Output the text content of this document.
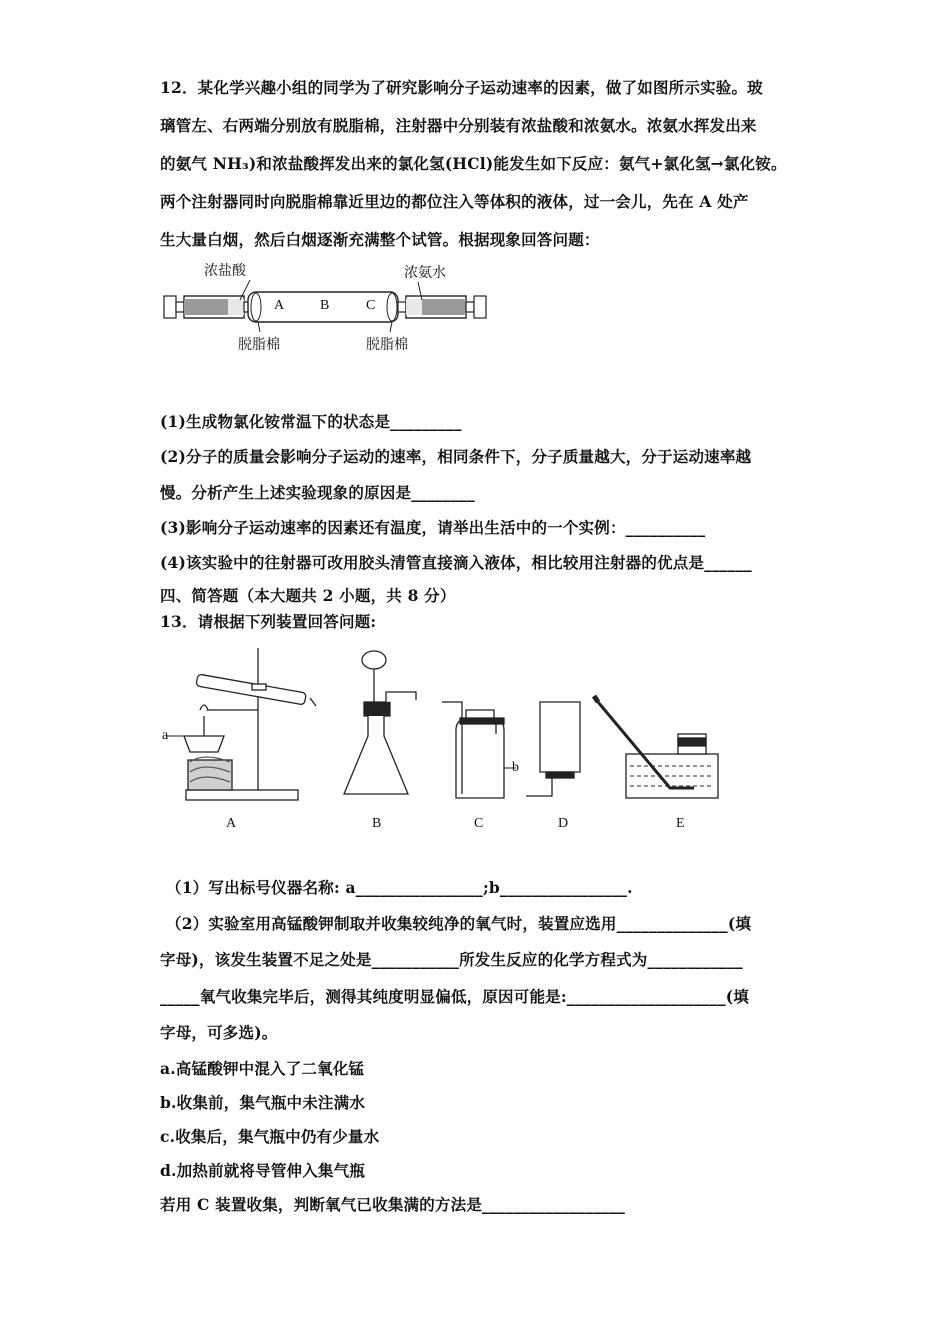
12．某化学兴趣小组的同学为了研究影响分子运动速率的因素，做了如图所示实验。玻
璃管左、右两端分别放有脱脂棉，注射器中分别装有浓盐酸和浓氨水。浓氨水挥发出来
的氨气 NH₃)和浓盐酸挥发出来的氯化氢(HCl)能发生如下反应：氨气+氯化氢→氯化铵。
两个注射器同时向脱脂棉靠近里边的都位注入等体积的液体，过一会儿，先在 A 处产
生大量白烟，然后白烟逐渐充满整个试管。根据现象回答问题：
浓盐酸	浓氨水
脱脂棉	脱脂棉
A	B	C
(1)生成物氯化铵常温下的状态是_________
(2)分子的质量会影响分子运动的速率，相同条件下，分子质量越大，分于运动速率越
慢。分析产生上述实验现象的原因是________
(3)影响分子运动速率的因素还有温度，请举出生活中的一个实例：__________
(4)该实验中的往射器可改用胶头清管直接滴入液体，相比较用注射器的优点是______
四、简答题（本大题共 2 小题，共 8 分）
13．请根据下列装置回答问题:
a
b
A	B	C	D	E
（1）写出标号仪器名称: a________________;b________________.
（2）实验室用高锰酸钾制取并收集较纯净的氧气时，装置应选用______________(填
字母)，该发生装置不足之处是___________所发生反应的化学方程式为____________
_____氧气收集完毕后，测得其纯度明显偏低，原因可能是:____________________(填
字母，可多选)。
a.高锰酸钾中混入了二氧化锰
b.收集前，集气瓶中未注满水
c.收集后，集气瓶中仍有少量水
d.加热前就将导管伸入集气瓶
若用 C 装置收集，判断氧气已收集满的方法是__________________
